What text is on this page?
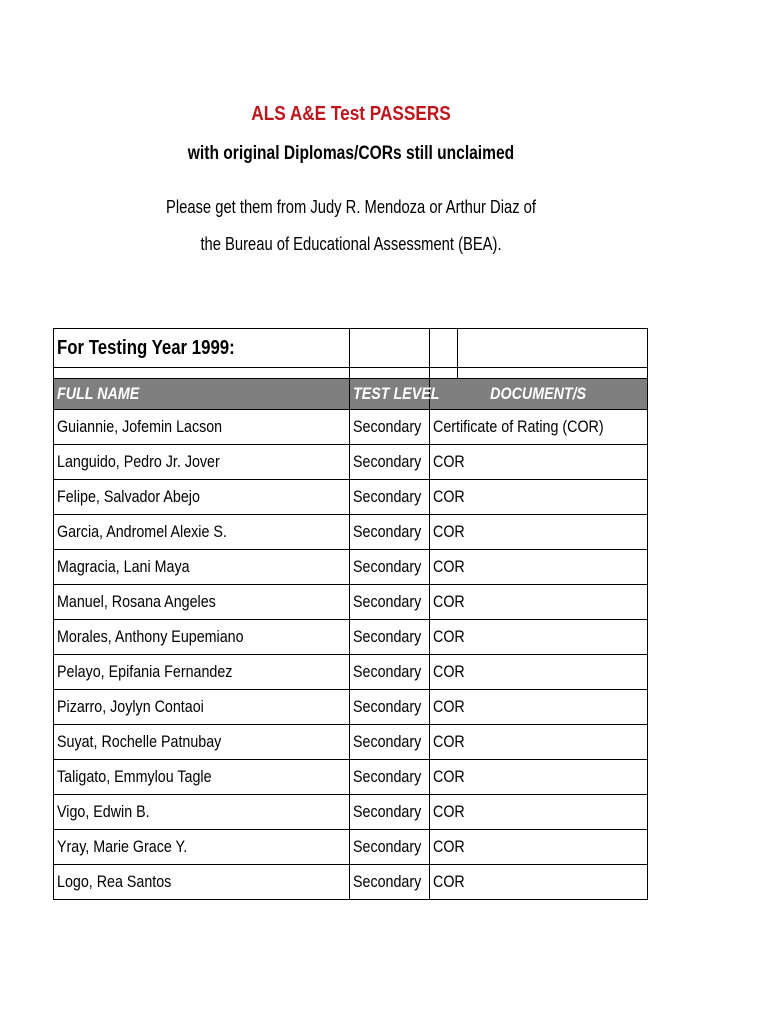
ALS A&E Test PASSERS
with original Diplomas/CORs still unclaimed

Please get them from Judy R. Mendoza or Arthur Diaz of

the Bureau of Educational Assessment (BEA).

For Testing Year 1999:			

FULL NAME	TEST LEVEL	DOCUMENT/S	
Guiannie, Jofemin Lacson	Secondary	Certificate of Rating (COR)	
Languido, Pedro Jr. Jover	Secondary	COR	
Felipe, Salvador Abejo	Secondary	COR	
Garcia, Andromel Alexie S.	Secondary	COR	
Magracia, Lani Maya	Secondary	COR	
Manuel, Rosana Angeles	Secondary	COR	
Morales, Anthony Eupemiano	Secondary	COR	
Pelayo, Epifania Fernandez	Secondary	COR	
Pizarro, Joylyn Contaoi	Secondary	COR	
Suyat, Rochelle Patnubay	Secondary	COR	
Taligato, Emmylou Tagle	Secondary	COR	
Vigo, Edwin B.	Secondary	COR	
Yray, Marie Grace Y.	Secondary	COR	
Logo, Rea Santos	Secondary	COR	
